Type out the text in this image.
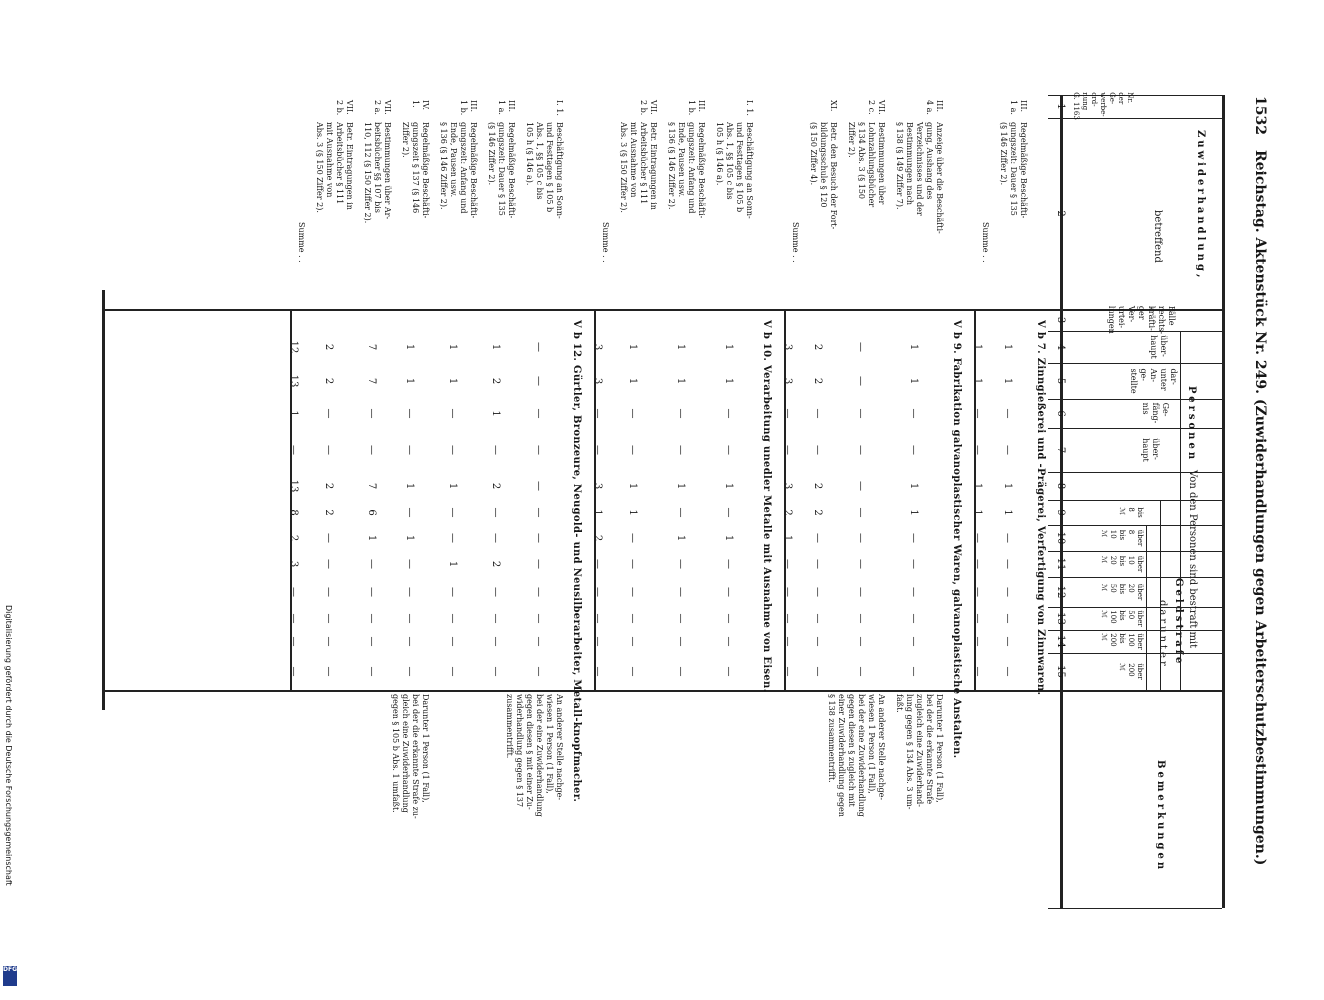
1532
Reichstag. Aktenstück Nr. 249. (Zuwiderhandlungen gegen Arbeiterschutzbestimmungen.)
Zuwiderhandlung,
betreffend
Personen
Von den Personen sind bestraft mit
Geldstrafe
darunter
Bemerkungen
DFG
Digitalisierung gefördert durch die Deutsche Forschungsgemeinschaft
1
2
3
4
5
6
7
8
9
10
11
12
13
14
15
Nr.
der
Ge-
werbe-
ord-
nung
G. 1163
Fälle
rechts-
kräfti-
ger
Ver-
urtei-
lungen
über-
haupt
dar-
unter
An-
ge-
stellte
Ge-
fäng-
nis
über-
haupt
bis
8
ℳ
über
8
bis
10
ℳ
über
10
bis
20
ℳ
über
20
bis
50
ℳ
über
50
bis
100
ℳ
über
100
bis
200
ℳ
über
200
ℳ
V b 7. Zinngießerei und -Prägerei, Verfertigung von Zinnwaren.
III.
1 a.
Regelmäßige Beschäfti-
gungszeit: Dauer § 135
(§ 146 Ziffer 2).
1
1
—
—
1
1
—
—
—
—
—
—
Summe . .
1
1
—
—
1
1
—
—
—
—
—
—
V b 9. Fabrikation galvanoplastischer Waren, galvanoplastische Anstalten.
III.
4 a.
Anzeige über die Beschäfti-
gung, Aushang des
Verzeichnisses und der
Bestimmungen nach
§ 138 (§ 149 Ziffer 7).
1
1
—
—
1
1
—
—
—
—
—
—
Darunter 1 Person (1 Fall),
bei der die erkannte Strafe
zugleich eine Zuwiderhand-
lung gegen § 134 Abs. 3 um-
faßt.
VII.
2 c.
Bestimmungen über
Lohnzahlungsbücher
§ 134 Abs. 3 (§ 150
Ziffer 2).
—
—
—
—
—
—
—
—
—
—
—
—
An anderer Stelle nachge-
wiesen 1 Person (1 Fall),
bei der eine Zuwiderhandlung
gegen diesen § zugleich mit
einer Zuwiderhandlung gegen
§ 138 zusammentrifft.
XI.
Betr. den Besuch der Fort-
bildungsschule § 120
(§ 150 Ziffer 4).
2
2
—
—
2
2
—
—
—
—
—
—
Summe . .
3
3
—
—
3
2
1
—
—
—
—
—
V b 10. Verarbeitung unedler Metalle mit Ausnahme von Eisen.
I. 1.
Beschäftigung an Sonn-
und Festtagen § 105 b
Abs. 1, §§ 105 c bis
105 h (§ 146 a).
1
1
—
—
1
—
1
—
—
—
—
—
III.
1 b.
Regelmäßige Beschäfti-
gungszeit: Anfang und
Ende, Pausen usw.
§ 136 (§ 146 Ziffer 2).
1
1
—
—
1
—
1
—
—
—
—
—
VII.
2 b.
Betr. Eintragungen in
Arbeitsbücher § 111
mit Ausnahme von
Abs. 3 (§ 150 Ziffer 2).
1
1
—
—
1
1
—
—
—
—
—
—
Summe . .
3
3
—
—
3
1
2
—
—
—
—
—
V b 12. Gürtler, Bronzeure, Neugold- und Neusilberarbeiter, Metall-knopfmacher.
I. 1.
Beschäftigung an Sonn-
und Festtagen § 105 b
Abs. 1, §§ 105 c bis
105 h (§ 146 a).
—
—
—
—
—
—
—
—
—
—
—
—
An anderer Stelle nachge-
wiesen 1 Person (1 Fall),
bei der eine Zuwiderhandlung
gegen diesen § mit einer Zu-
widerhandlung gegen § 137
zusammentrifft.
III.
1 a.
Regelmäßige Beschäfti-
gungszeit: Dauer § 135
(§ 146 Ziffer 2).
1
2
1
—
2
—
—
2
—
—
—
—
III.
1 b.
Regelmäßige Beschäfti-
gungszeit: Anfang und
Ende, Pausen usw.
§ 136 (§ 146 Ziffer 2).
1
1
—
—
1
—
—
1
—
—
—
—
IV.
1.
Regelmäßige Beschäfti-
gungszeit § 137 (§ 146
Ziffer 2).
1
1
—
—
1
—
1
—
—
—
—
—
Darunter 1 Person (1 Fall),
bei der die erkannte Strafe zu-
gleich eine Zuwiderhandlung
gegen § 105 b Abs. 1 umfaßt.
VII.
2 a.
Bestimmungen über Ar-
beitsbücher §§ 107 bis
110, 112 (§ 150 Ziffer 2).
7
7
—
—
7
6
1
—
—
—
—
—
VII.
2 b.
Betr. Eintragungen in
Arbeitsbücher § 111
mit Ausnahme von
Abs. 3 (§ 150 Ziffer 2).
2
2
—
—
2
2
—
—
—
—
—
—
Summe . .
12
13
1
—
13
8
2
3
—
—
—
—
